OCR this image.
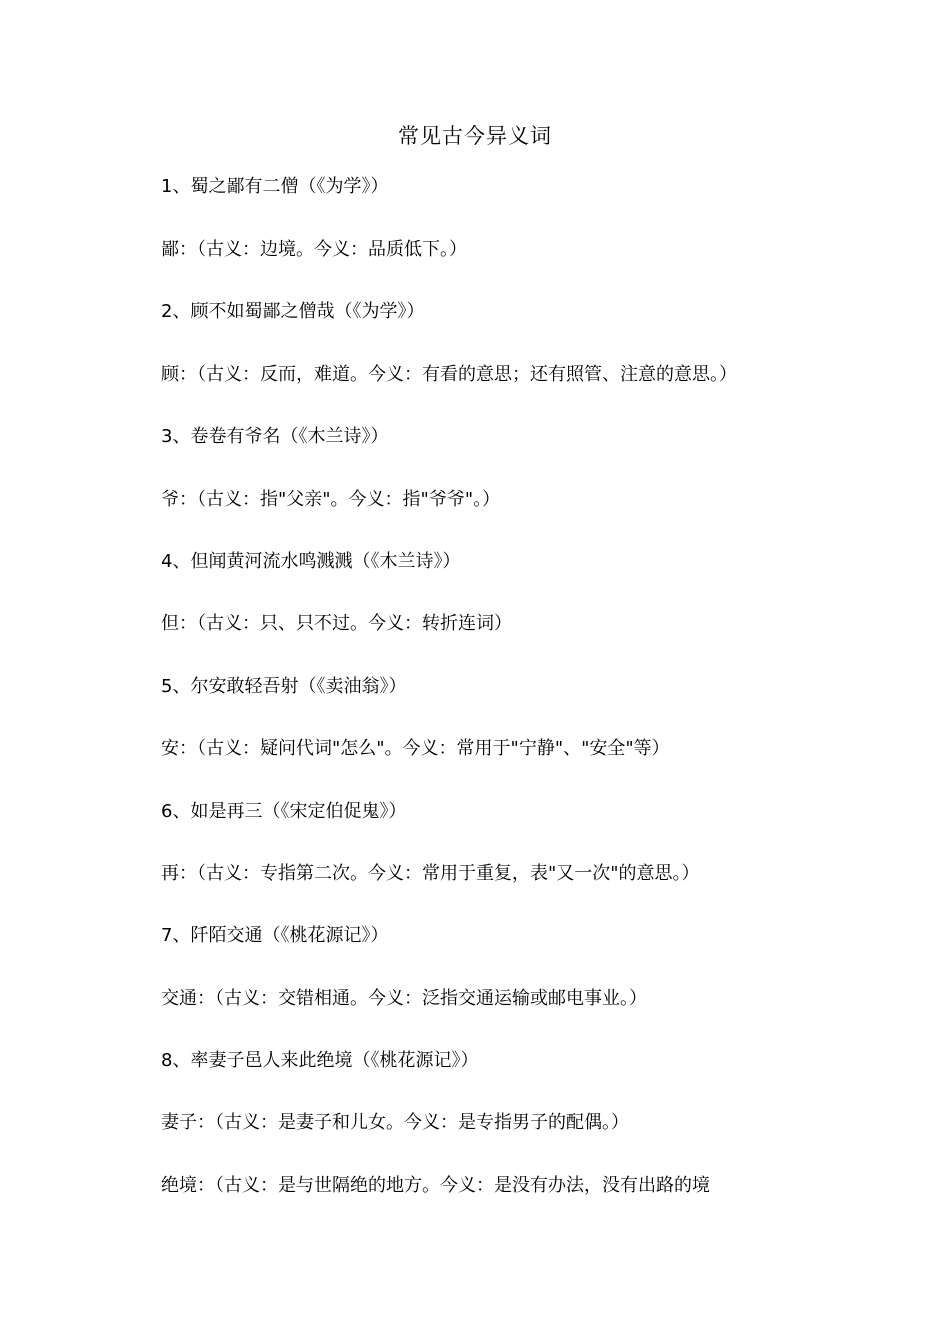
常见古今异义词
1、蜀之鄙有二僧（《为学》）
鄙：（古义：边境。今义：品质低下。）
2、顾不如蜀鄙之僧哉（《为学》）
顾：（古义：反而，难道。今义：有看的意思；还有照管、注意的意思。）
3、卷卷有爷名（《木兰诗》）
爷：（古义：指"父亲"。今义：指"爷爷"。）
4、但闻黄河流水鸣溅溅（《木兰诗》）
但：（古义：只、只不过。今义：转折连词）
5、尔安敢轻吾射（《卖油翁》）
安：（古义：疑问代词"怎么"。今义：常用于"宁静"、"安全"等）
6、如是再三（《宋定伯促鬼》）
再：（古义：专指第二次。今义：常用于重复，表"又一次"的意思。）
7、阡陌交通（《桃花源记》）
交通：（古义：交错相通。今义：泛指交通运输或邮电事业。）
8、率妻子邑人来此绝境（《桃花源记》）
妻子：（古义：是妻子和儿女。今义：是专指男子的配偶。）
绝境：（古义：是与世隔绝的地方。今义：是没有办法，没有出路的境
